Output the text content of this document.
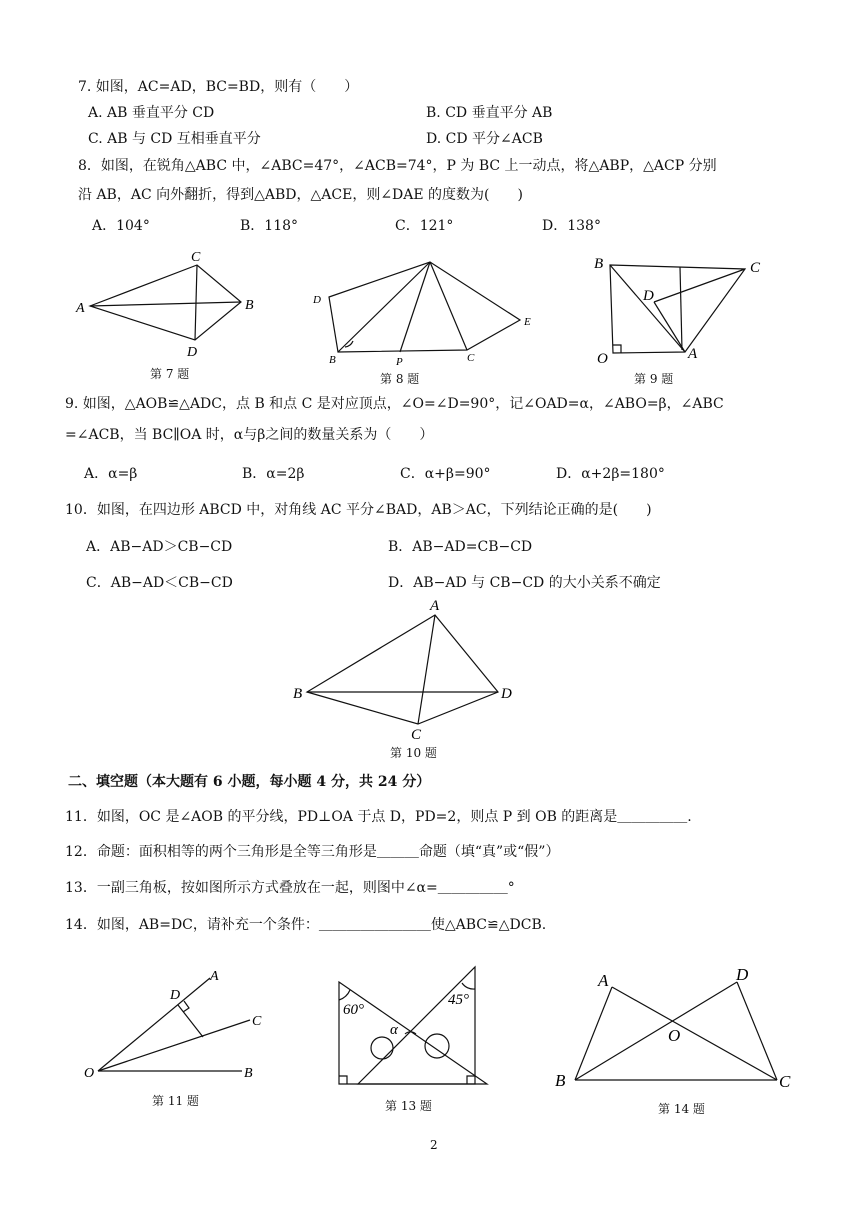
7. 如图，AC=AD，BC=BD，则有（　　）
A. AB 垂直平分 CD	B. CD 垂直平分 AB
C. AB 与 CD 互相垂直平分	D. CD 平分∠ACB
8．如图，在锐角△ABC 中，∠ABC=47°，∠ACB=74°，P 为 BC 上一动点，将△ABP，△ACP 分别
沿 AB，AC 向外翻折，得到△ABD，△ACE，则∠DAE 的度数为(　　)
A．104°	B．118°	C．121°	D．138°
A	B
C
D
第 7 题
D
B	P	C
E
第 8 题
B	C
D
O	A
第 9 题
9. 如图，△AOB≌△ADC，点 B 和点 C 是对应顶点，∠O=∠D=90°，记∠OAD=α，∠ABO=β，∠ABC
=∠ACB，当 BC∥OA 时，α与β之间的数量关系为（　　）
A．α=β	B．α=2β	C．α+β=90°	D．α+2β=180°
10．如图，在四边形 ABCD 中，对角线 AC 平分∠BAD，AB＞AC，下列结论正确的是(　　)
A．AB−AD＞CB−CD	B．AB−AD=CB−CD
C．AB−AD＜CB−CD	D．AB−AD 与 CB−CD 的大小关系不确定
A
B
C
D
第 10 题
二、填空题（本大题有 6 小题，每小题 4 分，共 24 分）
11．如图，OC 是∠AOB 的平分线，PD⊥OA 于点 D，PD=2，则点 P 到 OB 的距离是＿＿＿＿＿.
12．命题：面积相等的两个三角形是全等三角形是＿＿＿命题（填“真”或“假”）
13．一副三角板，按如图所示方式叠放在一起，则图中∠α=＿＿＿＿＿°
14．如图，AB=DC，请补充一个条件：＿＿＿＿＿＿＿＿使△ABC≌△DCB.
A
D
C
O	B
第 11 题
60°
45°
α
第 13 题
A	D
O
B	C
第 14 题
2
